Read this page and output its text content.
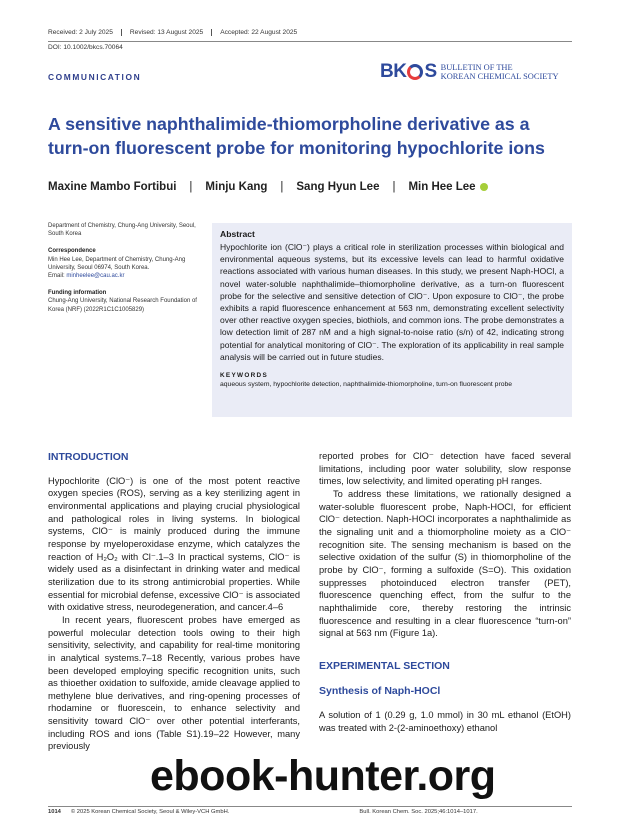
Received: 2 July 2025	Revised: 13 August 2025	Accepted: 22 August 2025
DOI: 10.1002/bkcs.70064
COMMUNICATION	BK S BULLETIN OF THE
KOREAN CHEMICAL SOCIETY
A sensitive naphthalimide-thiomorpholine derivative as a turn-on fluorescent probe for monitoring hypochlorite ions
Maxine Mambo Fortibui | Minju Kang | Sang Hyun Lee | Min Hee Lee
Department of Chemistry, Chung-Ang University, Seoul, South Korea
Correspondence
Min Hee Lee, Department of Chemistry, Chung-Ang University, Seoul 06974, South Korea.
Email: minheelee@cau.ac.kr
Funding information
Chung-Ang University, National Research Foundation of Korea (NRF) (2022R1C1C1005829)
Abstract

Hypochlorite ion (ClO⁻) plays a critical role in sterilization processes within biological and environmental aqueous systems, but its excessive levels can lead to harmful oxidative reactions associated with various human diseases. In this study, we present Naph-HOCl, a novel water-soluble naphthalimide–thiomorpholine derivative, as a turn-on fluorescent probe for the selective and sensitive detection of ClO⁻. Upon exposure to ClO⁻, the probe exhibits a rapid fluorescence enhancement at 563 nm, demonstrating excellent selectivity over other reactive oxygen species, biothiols, and common ions. The probe demonstrates a low detection limit of 287 nM and a high signal-to-noise ratio (s/n) of 42, indicating strong potential for analytical monitoring of ClO⁻. The exploration of its applicability in real sample analysis will be carried out in future studies.

KEYWORDS
aqueous system, hypochlorite detection, naphthalimide-thiomorpholine, turn-on fluorescent probe
INTRODUCTION

Hypochlorite (ClO⁻) is one of the most potent reactive oxygen species (ROS), serving as a key sterilizing agent in environmental applications and playing crucial physiological and pathological roles in living systems. In biological systems, ClO⁻ is mainly produced during the immune response by myeloperoxidase enzyme, which catalyzes the reaction of H₂O₂ with Cl⁻.1–3 In practical systems, ClO⁻ is widely used as a disinfectant in drinking water and medical sterilization due to its strong antimicrobial properties. While essential for microbial defense, excessive ClO⁻ is associated with oxidative stress, neurodegeneration, and cancer.4–6

In recent years, fluorescent probes have emerged as powerful molecular detection tools owing to their high sensitivity, selectivity, and capability for real-time monitoring in analytical systems.7–18 Recently, various probes have been developed employing specific recognition units, such as thioether oxidation to sulfoxide, amide cleavage applied to methylene blue derivatives, and ring-opening processes of rhodamine or fluorescein, to enhance selectivity and sensitivity toward ClO⁻ over other potential interferants, including ROS and ions (Table S1).19–22 However, many previously

reported probes for ClO⁻ detection have faced several limitations, including poor water solubility, slow response times, low selectivity, and limited operating pH ranges.

To address these limitations, we rationally designed a water-soluble fluorescent probe, Naph-HOCl, for efficient ClO⁻ detection. Naph-HOCl incorporates a naphthalimide as the signaling unit and a thiomorpholine moiety as a ClO⁻ recognition site. The sensing mechanism is based on the selective oxidation of the sulfur (S) in thiomorpholine of the probe by ClO⁻, forming a sulfoxide (S=O). This oxidation suppresses photoinduced electron transfer (PET), fluorescence quenching effect, from the sulfur to the naphthalimide core, thereby restoring the intrinsic fluorescence and resulting in a clear fluorescence “turn-on” signal at 563 nm (Figure 1a).

EXPERIMENTAL SECTION
Synthesis of Naph-HOCl

A solution of 1 (0.29 g, 1.0 mmol) in 30 mL ethanol (EtOH) was treated with 2-(2-aminoethoxy) ethanol

1014 © 2025 Korean Chemical Society, Seoul & Wiley-VCH GmbH.	Bull. Korean Chem. Soc. 2025;46:1014–1017.
ebook-hunter.org
